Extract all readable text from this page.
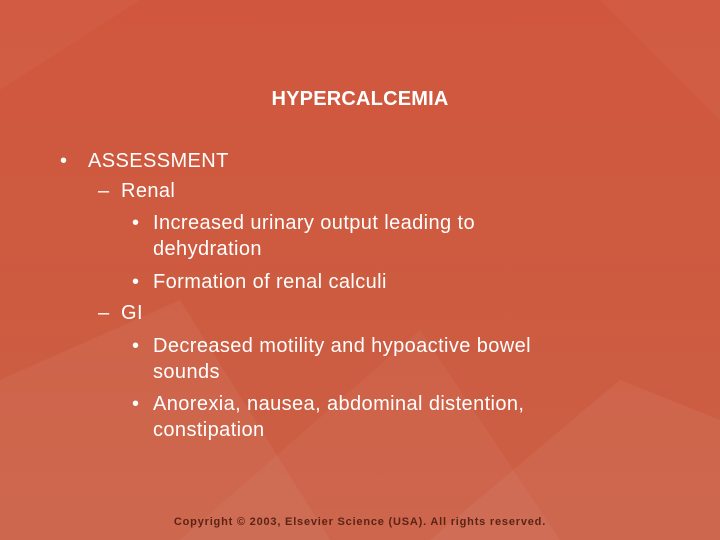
HYPERCALCEMIA
• ASSESSMENT
– Renal
• Increased urinary output leading to
dehydration
• Formation of renal calculi
– GI
• Decreased motility and hypoactive bowel
sounds
• Anorexia, nausea, abdominal distention,
constipation
Copyright © 2003, Elsevier Science (USA). All rights reserved.
